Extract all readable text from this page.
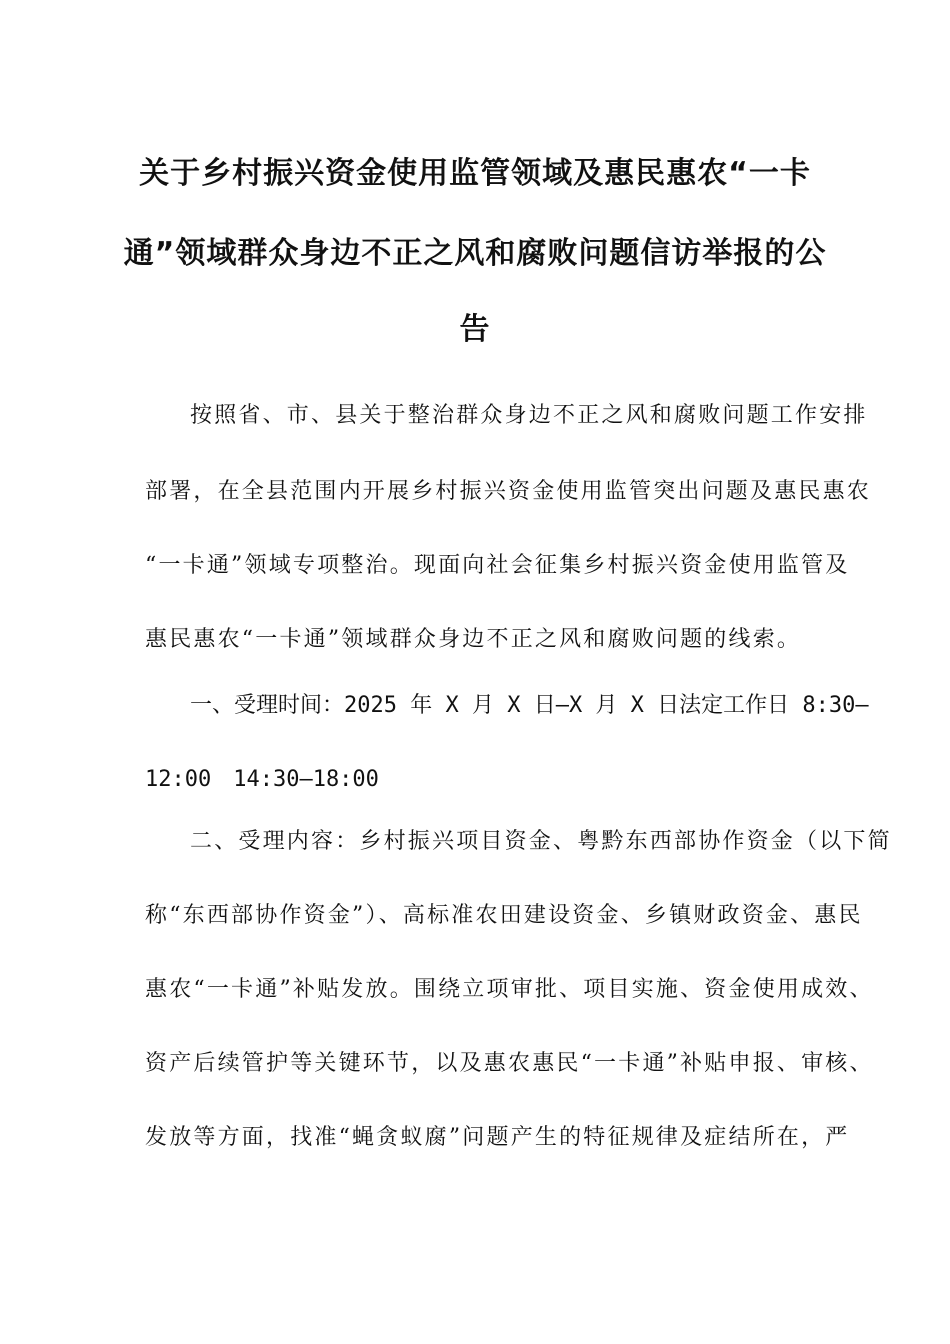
关于乡村振兴资金使用监管领域及惠民惠农“一卡
通”领域群众身边不正之风和腐败问题信访举报的公
告
按照省、市、县关于整治群众身边不正之风和腐败问题工作安排
部署，在全县范围内开展乡村振兴资金使用监管突出问题及惠民惠农
“一卡通”领域专项整治。现面向社会征集乡村振兴资金使用监管及
惠民惠农“一卡通”领域群众身边不正之风和腐败问题的线索。
一、受理时间：2025 年 X 月 X 日—X 月 X 日法定工作日 8:30—
12:00　14:30—18:00
二、受理内容：乡村振兴项目资金、粤黔东西部协作资金（以下简
称“东西部协作资金”）、高标准农田建设资金、乡镇财政资金、惠民
惠农“一卡通”补贴发放。围绕立项审批、项目实施、资金使用成效、
资产后续管护等关键环节，以及惠农惠民“一卡通”补贴申报、审核、
发放等方面，找准“蝇贪蚁腐”问题产生的特征规律及症结所在，严
